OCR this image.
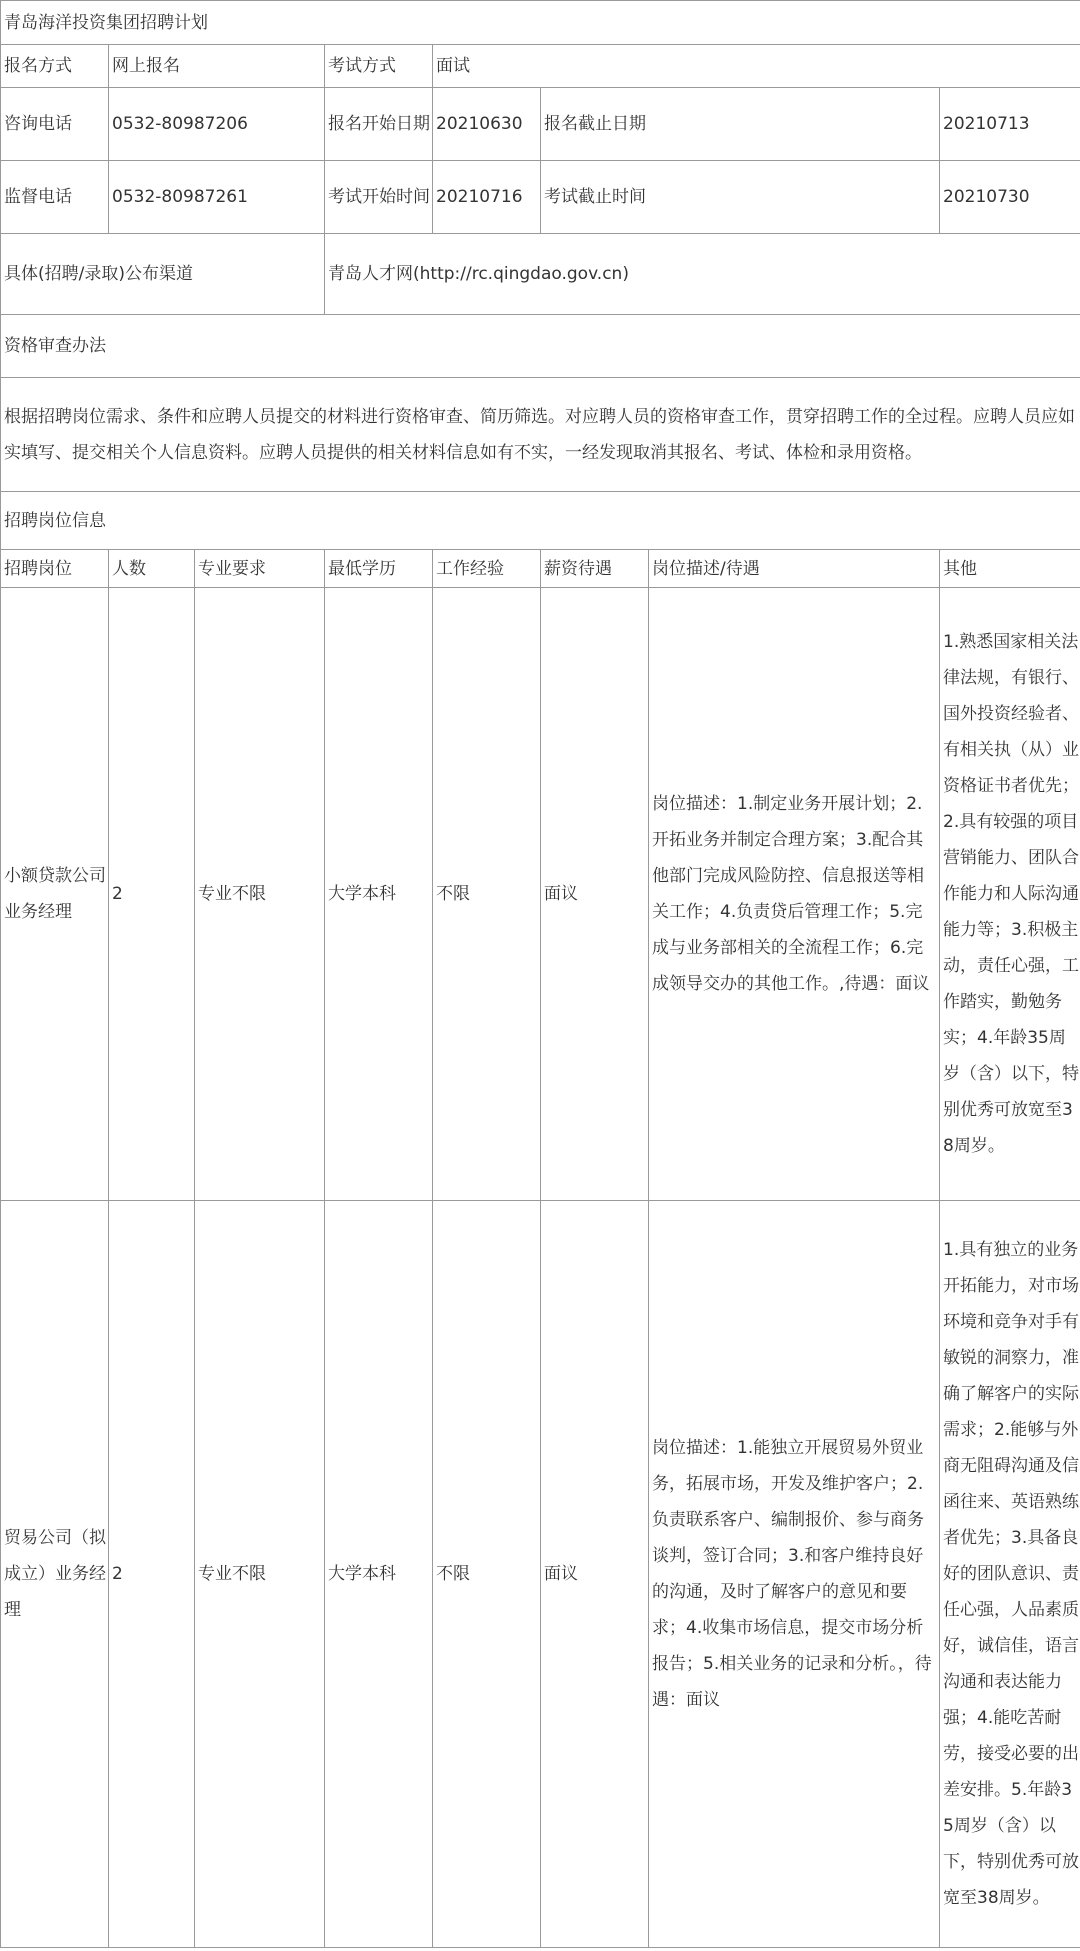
青岛海洋投资集团招聘计划							
报名方式	网上报名		考试方式	面试			
咨询电话	0532-80987206		报名开始日期	20210630	报名截止日期		20210713
监督电话	0532-80987261		考试开始时间	20210716	考试截止时间		20210730
具体(招聘/录取)公布渠道			青岛人才网(http://rc.qingdao.gov.cn)				
资格审查办法							
根据招聘岗位需求、条件和应聘人员提交的材料进行资格审查、简历筛选。对应聘人员的资格审查工作，贯穿招聘工作的全过程。应聘人员应如实填写、提交相关个人信息资料。应聘人员提供的相关材料信息如有不实，一经发现取消其报名、考试、体检和录用资格。							
招聘岗位信息							
招聘岗位	人数	专业要求	最低学历	工作经验	薪资待遇	岗位描述/待遇	其他
小额贷款公司业务经理	2	专业不限	大学本科	不限	面议	岗位描述：1.制定业务开展计划；2.开拓业务并制定合理方案；3.配合其他部门完成风险防控、信息报送等相关工作；4.负责贷后管理工作；5.完成与业务部相关的全流程工作；6.完成领导交办的其他工作。,待遇：面议	1.熟悉国家相关法律法规，有银行、国外投资经验者、有相关执（从）业资格证书者优先；2.具有较强的项目营销能力、团队合作能力和人际沟通能力等；3.积极主动，责任心强，工作踏实，勤勉务实；4.年龄35周岁（含）以下，特别优秀可放宽至38周岁。
贸易公司（拟成立）业务经理	2	专业不限	大学本科	不限	面议	岗位描述：1.能独立开展贸易外贸业务，拓展市场，开发及维护客户；2.负责联系客户、编制报价、参与商务谈判，签订合同；3.和客户维持良好的沟通，及时了解客户的意见和要求；4.收集市场信息，提交市场分析报告；5.相关业务的记录和分析。，待遇：面议	1.具有独立的业务开拓能力，对市场环境和竞争对手有敏锐的洞察力，准确了解客户的实际需求；2.能够与外商无阻碍沟通及信函往来、英语熟练者优先；3.具备良好的团队意识、责任心强，人品素质好，诚信佳，语言沟通和表达能力强；4.能吃苦耐劳，接受必要的出差安排。5.年龄35周岁（含）以下，特别优秀可放宽至38周岁。
